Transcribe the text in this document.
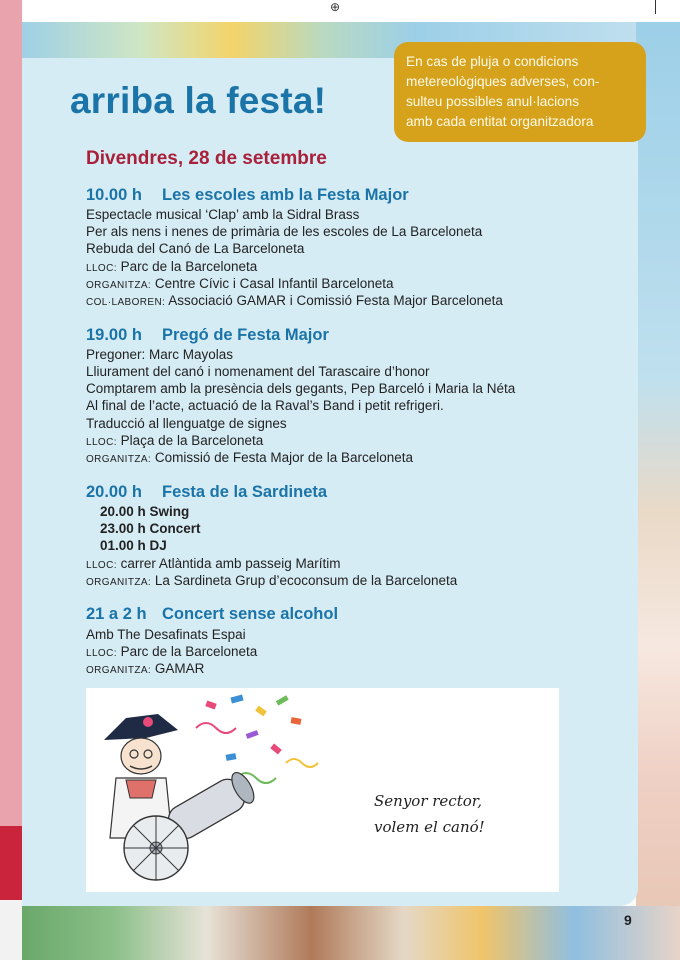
⊕
En cas de pluja o condicions
metereològiques adverses, con-
sulteu possibles anul·lacions
amb cada entitat organitzadora
arriba la festa!
Divendres, 28 de setembre
10.00 h Les escoles amb la Festa Major
Espectacle musical ‘Clap’ amb la Sidral Brass
Per als nens i nenes de primària de les escoles de La Barceloneta
Rebuda del Canó de La Barceloneta
LLOC: Parc de la Barceloneta
ORGANITZA: Centre Cívic i Casal Infantil Barceloneta
COL·LABOREN: Associació GAMAR i Comissió Festa Major Barceloneta
19.00 h Pregó de Festa Major
Pregoner: Marc Mayolas
Lliurament del canó i nomenament del Tarascaire d’honor
Comptarem amb la presència dels gegants, Pep Barceló i Maria la Néta
Al final de l’acte, actuació de la Raval’s Band i petit refrigeri.
Traducció al llenguatge de signes
LLOC: Plaça de la Barceloneta
ORGANITZA: Comissió de Festa Major de la Barceloneta
20.00 h Festa de la Sardineta
20.00 h Swing
23.00 h Concert
01.00 h DJ
LLOC: carrer Atlàntida amb passeig Marítim
ORGANITZA: La Sardineta Grup d’ecoconsum de la Barceloneta
21 a 2 h Concert sense alcohol
Amb The Desafinats Espai
LLOC: Parc de la Barceloneta
ORGANITZA: GAMAR
Senyor rector,
volem el canó!
9
